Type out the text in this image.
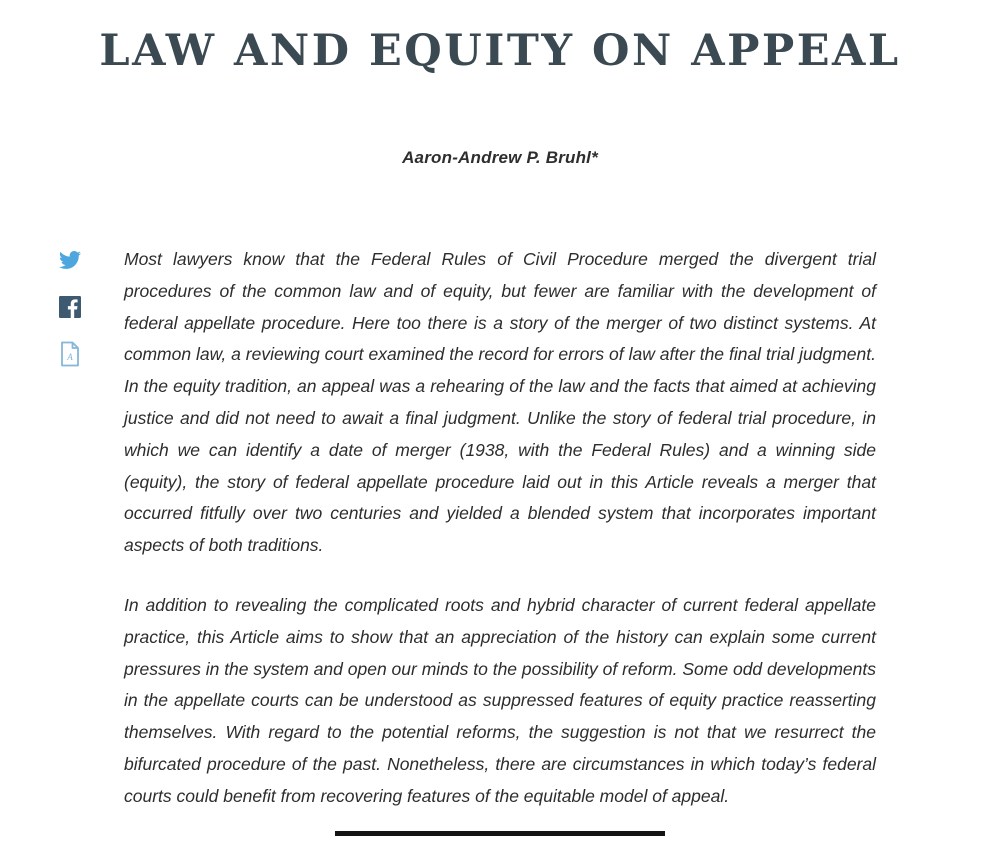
LAW AND EQUITY ON APPEAL
Aaron-Andrew P. Bruhl*
A

Most lawyers know that the Federal Rules of Civil Procedure merged the divergent trial procedures of the common law and of equity, but fewer are familiar with the development of federal appellate procedure. Here too there is a story of the merger of two distinct systems. At common law, a reviewing court examined the record for errors of law after the final trial judgment. In the equity tradition, an appeal was a rehearing of the law and the facts that aimed at achieving justice and did not need to await a final judgment. Unlike the story of federal trial procedure, in which we can identify a date of merger (1938, with the Federal Rules) and a winning side (equity), the story of federal appellate procedure laid out in this Article reveals a merger that occurred fitfully over two centuries and yielded a blended system that incorporates important aspects of both traditions.

In addition to revealing the complicated roots and hybrid character of current federal appellate practice, this Article aims to show that an appreciation of the history can explain some current pressures in the system and open our minds to the possibility of reform. Some odd developments in the appellate courts can be understood as suppressed features of equity practice reasserting themselves. With regard to the potential reforms, the suggestion is not that we resurrect the bifurcated procedure of the past. Nonetheless, there are circumstances in which today’s federal courts could benefit from recovering features of the equitable model of appeal.
